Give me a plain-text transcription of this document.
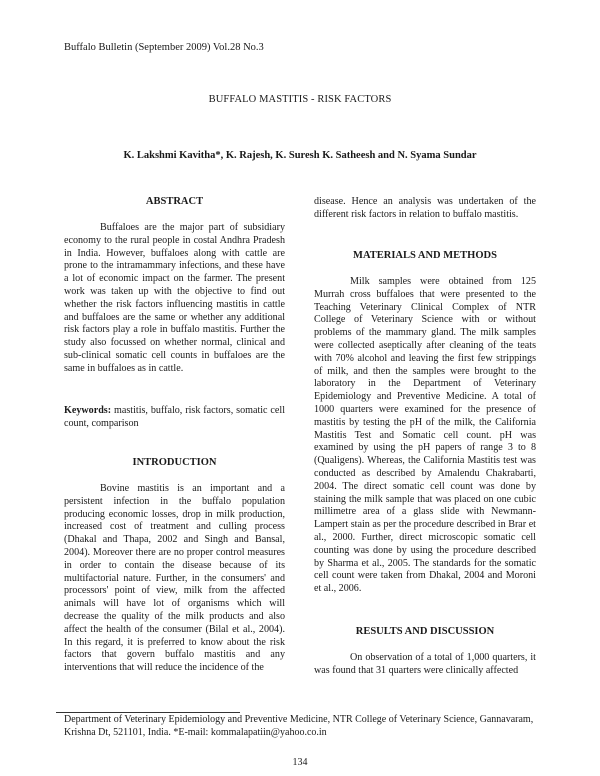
Buffalo Bulletin (September 2009) Vol.28 No.3
BUFFALO MASTITIS - RISK FACTORS
K. Lakshmi Kavitha*, K. Rajesh, K. Suresh K. Satheesh and N. Syama Sundar
ABSTRACT

Buffaloes are the major part of subsidiary economy to the rural people in costal Andhra Pradesh in India. However, buffaloes along with cattle are prone to the intramammary infections, and these have a lot of economic impact on the farmer. The present work was taken up with the objective to find out whether the risk factors influencing mastitis in cattle and buffaloes are the same or whether any additional risk factors play a role in buffalo mastitis. Further the study also focussed on whether normal, clinical and sub-clinical somatic cell counts in buffaloes are the same in buffaloes as in cattle.

Keywords: mastitis, buffalo, risk factors, somatic cell count, comparison

INTRODUCTION

Bovine mastitis is an important and a persistent infection in the buffalo population producing economic losses, drop in milk production, increased cost of treatment and culling process (Dhakal and Thapa, 2002 and Singh and Bansal, 2004). Moreover there are no proper control measures in order to contain the disease because of its multifactorial nature. Further, in the consumers' and processors' point of view, milk from the affected animals will have lot of organisms which will decrease the quality of the milk products and also affect the health of the consumer (Bilal et al., 2004). In this regard, it is preferred to know about the risk factors that govern buffalo mastitis and any interventions that will reduce the incidence of the

disease. Hence an analysis was undertaken of the different risk factors in relation to buffalo mastitis.

MATERIALS AND METHODS

Milk samples were obtained from 125 Murrah cross buffaloes that were presented to the Teaching Veterinary Clinical Complex of NTR College of Veterinary Science with or without problems of the mammary gland. The milk samples were collected aseptically after cleaning of the teats with 70% alcohol and leaving the first few strippings of milk, and then the samples were brought to the laboratory in the Department of Veterinary Epidemiology and Preventive Medicine. A total of 1000 quarters were examined for the presence of mastitis by testing the pH of the milk, the California Mastitis Test and Somatic cell count. pH was examined by using the pH papers of range 3 to 8 (Qualigens). Whereas, the California Mastitis test was conducted as described by Amalendu Chakrabarti, 2004. The direct somatic cell count was done by staining the milk sample that was placed on one cubic millimetre area of a glass slide with Newmann-Lampert stain as per the procedure described in Brar et al., 2000. Further, direct microscopic somatic cell counting was done by using the procedure described by Sharma et al., 2005. The standards for the somatic cell count were taken from Dhakal, 2004 and Moroni et al., 2006.

RESULTS AND DISCUSSION

On observation of a total of 1,000 quarters, it was found that 31 quarters were clinically affected

Department of Veterinary Epidemiology and Preventive Medicine, NTR College of Veterinary Science, Gannavaram, Krishna Dt, 521101, India. *E-mail: kommalapatiin@yahoo.co.in
134
